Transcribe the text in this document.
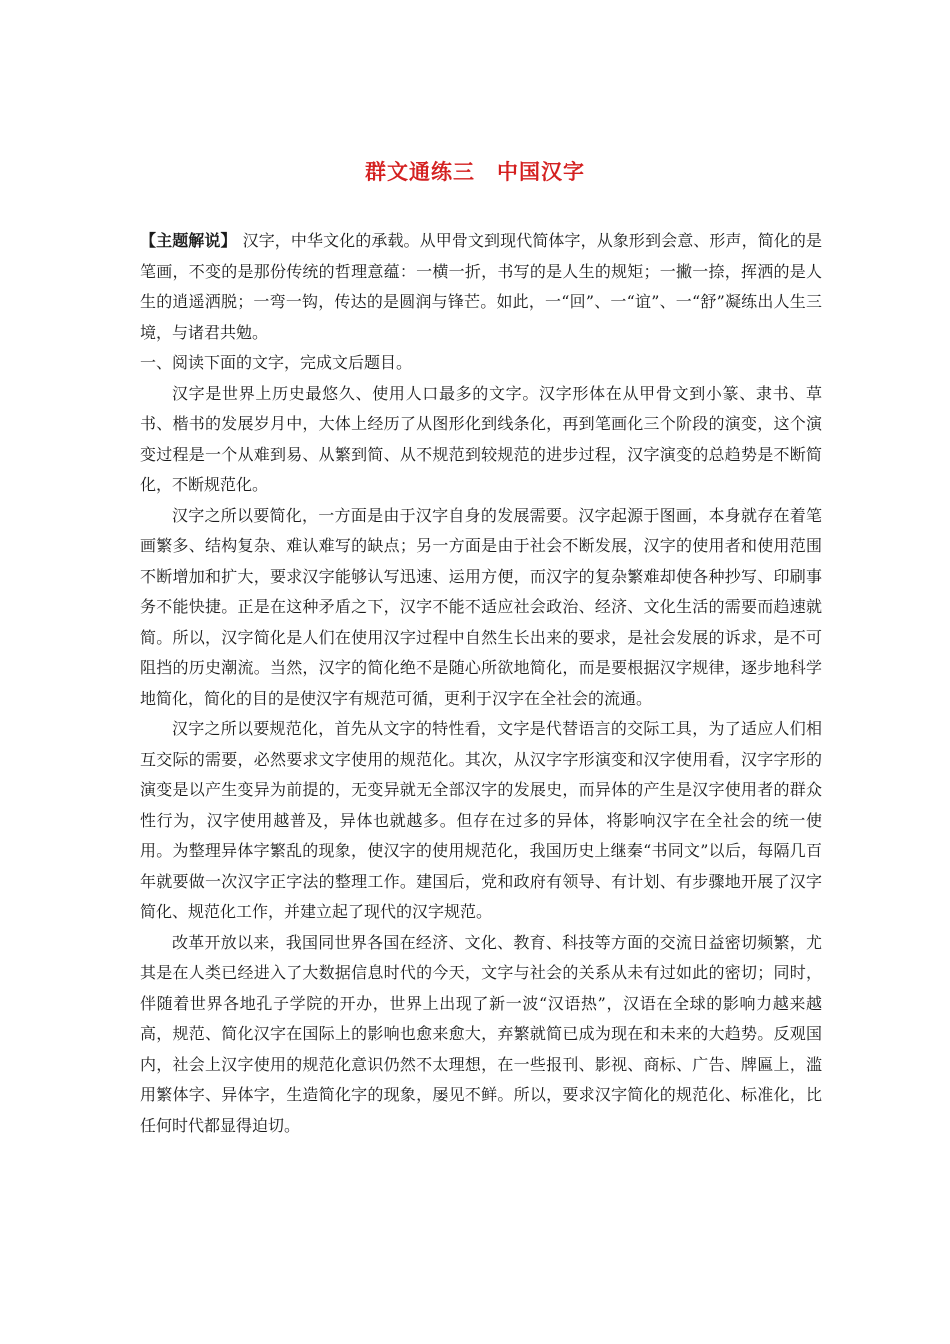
群文通练三　中国汉字

【主题解说】 汉字，中华文化的承载。从甲骨文到现代简体字，从象形到会意、形声，简化的是笔画，不变的是那份传统的哲理意蕴：一横一折，书写的是人生的规矩；一撇一捺，挥洒的是人生的逍遥洒脱；一弯一钩，传达的是圆润与锋芒。如此，一“回”、一“谊”、一“舒”凝练出人生三境，与诸君共勉。

一、阅读下面的文字，完成文后题目。

汉字是世界上历史最悠久、使用人口最多的文字。汉字形体在从甲骨文到小篆、隶书、草书、楷书的发展岁月中，大体上经历了从图形化到线条化，再到笔画化三个阶段的演变，这个演变过程是一个从难到易、从繁到简、从不规范到较规范的进步过程，汉字演变的总趋势是不断简化，不断规范化。

汉字之所以要简化，一方面是由于汉字自身的发展需要。汉字起源于图画，本身就存在着笔画繁多、结构复杂、难认难写的缺点；另一方面是由于社会不断发展，汉字的使用者和使用范围不断增加和扩大，要求汉字能够认写迅速、运用方便，而汉字的复杂繁难却使各种抄写、印刷事务不能快捷。正是在这种矛盾之下，汉字不能不适应社会政治、经济、文化生活的需要而趋速就简。所以，汉字简化是人们在使用汉字过程中自然生长出来的要求，是社会发展的诉求，是不可阻挡的历史潮流。当然，汉字的简化绝不是随心所欲地简化，而是要根据汉字规律，逐步地科学地简化，简化的目的是使汉字有规范可循，更利于汉字在全社会的流通。

汉字之所以要规范化，首先从文字的特性看，文字是代替语言的交际工具，为了适应人们相互交际的需要，必然要求文字使用的规范化。其次，从汉字字形演变和汉字使用看，汉字字形的演变是以产生变异为前提的，无变异就无全部汉字的发展史，而异体的产生是汉字使用者的群众性行为，汉字使用越普及，异体也就越多。但存在过多的异体，将影响汉字在全社会的统一使用。为整理异体字繁乱的现象，使汉字的使用规范化，我国历史上继秦“书同文”以后，每隔几百年就要做一次汉字正字法的整理工作。建国后，党和政府有领导、有计划、有步骤地开展了汉字简化、规范化工作，并建立起了现代的汉字规范。

改革开放以来，我国同世界各国在经济、文化、教育、科技等方面的交流日益密切频繁，尤其是在人类已经进入了大数据信息时代的今天，文字与社会的关系从未有过如此的密切；同时，伴随着世界各地孔子学院的开办，世界上出现了新一波“汉语热”，汉语在全球的影响力越来越高，规范、简化汉字在国际上的影响也愈来愈大，弃繁就简已成为现在和未来的大趋势。反观国内，社会上汉字使用的规范化意识仍然不太理想，在一些报刊、影视、商标、广告、牌匾上，滥用繁体字、异体字，生造简化字的现象，屡见不鲜。所以，要求汉字简化的规范化、标准化，比任何时代都显得迫切。
